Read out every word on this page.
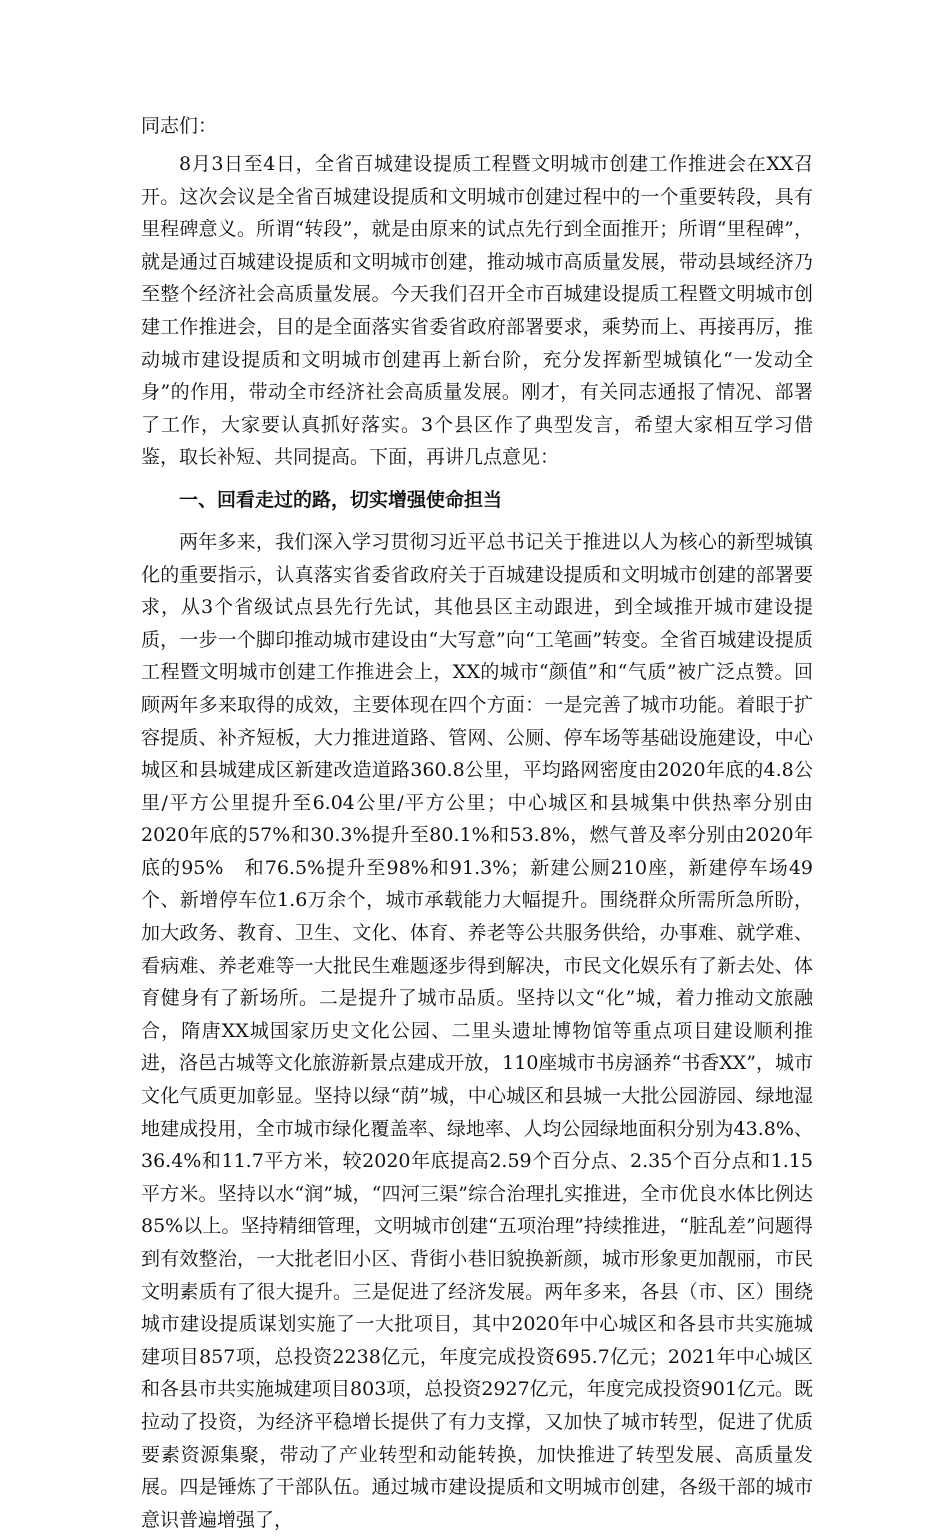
同志们：

8月3日至4日，全省百城建设提质工程暨文明城市创建工作推进会在XX召开。这次会议是全省百城建设提质和文明城市创建过程中的一个重要转段，具有里程碑意义。所谓“转段”，就是由原来的试点先行到全面推开；所谓“里程碑”，就是通过百城建设提质和文明城市创建，推动城市高质量发展，带动县域经济乃至整个经济社会高质量发展。今天我们召开全市百城建设提质工程暨文明城市创建工作推进会，目的是全面落实省委省政府部署要求，乘势而上、再接再厉，推动城市建设提质和文明城市创建再上新台阶，充分发挥新型城镇化“一发动全身”的作用，带动全市经济社会高质量发展。刚才，有关同志通报了情况、部署了工作，大家要认真抓好落实。3个县区作了典型发言，希望大家相互学习借鉴，取长补短、共同提高。下面，再讲几点意见：

一、回看走过的路，切实增强使命担当

两年多来，我们深入学习贯彻习近平总书记关于推进以人为核心的新型城镇化的重要指示，认真落实省委省政府关于百城建设提质和文明城市创建的部署要求，从3个省级试点县先行先试，其他县区主动跟进，到全域推开城市建设提质，一步一个脚印推动城市建设由“大写意”向“工笔画”转变。全省百城建设提质工程暨文明城市创建工作推进会上，XX的城市“颜值”和“气质”被广泛点赞。回顾两年多来取得的成效，主要体现在四个方面：一是完善了城市功能。着眼于扩容提质、补齐短板，大力推进道路、管网、公厕、停车场等基础设施建设，中心城区和县城建成区新建改造道路360.8公里，平均路网密度由2020年底的4.8公里/平方公里提升至6.04公里/平方公里；中心城区和县城集中供热率分别由2020年底的57%和30.3%提升至80.1%和53.8%，燃气普及率分别由2020年底的95%　和76.5%提升至98%和91.3%；新建公厕210座，新建停车场49个、新增停车位1.6万余个，城市承载能力大幅提升。围绕群众所需所急所盼，加大政务、教育、卫生、文化、体育、养老等公共服务供给，办事难、就学难、看病难、养老难等一大批民生难题逐步得到解决，市民文化娱乐有了新去处、体育健身有了新场所。二是提升了城市品质。坚持以文“化”城，着力推动文旅融合，隋唐XX城国家历史文化公园、二里头遗址博物馆等重点项目建设顺利推进，洛邑古城等文化旅游新景点建成开放，110座城市书房涵养“书香XX”，城市文化气质更加彰显。坚持以绿“荫”城，中心城区和县城一大批公园游园、绿地湿地建成投用，全市城市绿化覆盖率、绿地率、人均公园绿地面积分别为43.8%、36.4%和11.7平方米，较2020年底提高2.59个百分点、2.35个百分点和1.15平方米。坚持以水“润”城，“四河三渠”综合治理扎实推进，全市优良水体比例达85%以上。坚持精细管理，文明城市创建“五项治理”持续推进，“脏乱差”问题得到有效整治，一大批老旧小区、背街小巷旧貌换新颜，城市形象更加靓丽，市民文明素质有了很大提升。三是促进了经济发展。两年多来，各县（市、区）围绕城市建设提质谋划实施了一大批项目，其中2020年中心城区和各县市共实施城建项目857项，总投资2238亿元，年度完成投资695.7亿元；2021年中心城区和各县市共实施城建项目803项，总投资2927亿元，年度完成投资901亿元。既拉动了投资，为经济平稳增长提供了有力支撑，又加快了城市转型，促进了优质要素资源集聚，带动了产业转型和动能转换，加快推进了转型发展、高质量发展。四是锤炼了干部队伍。通过城市建设提质和文明城市创建，各级干部的城市意识普遍增强了，
